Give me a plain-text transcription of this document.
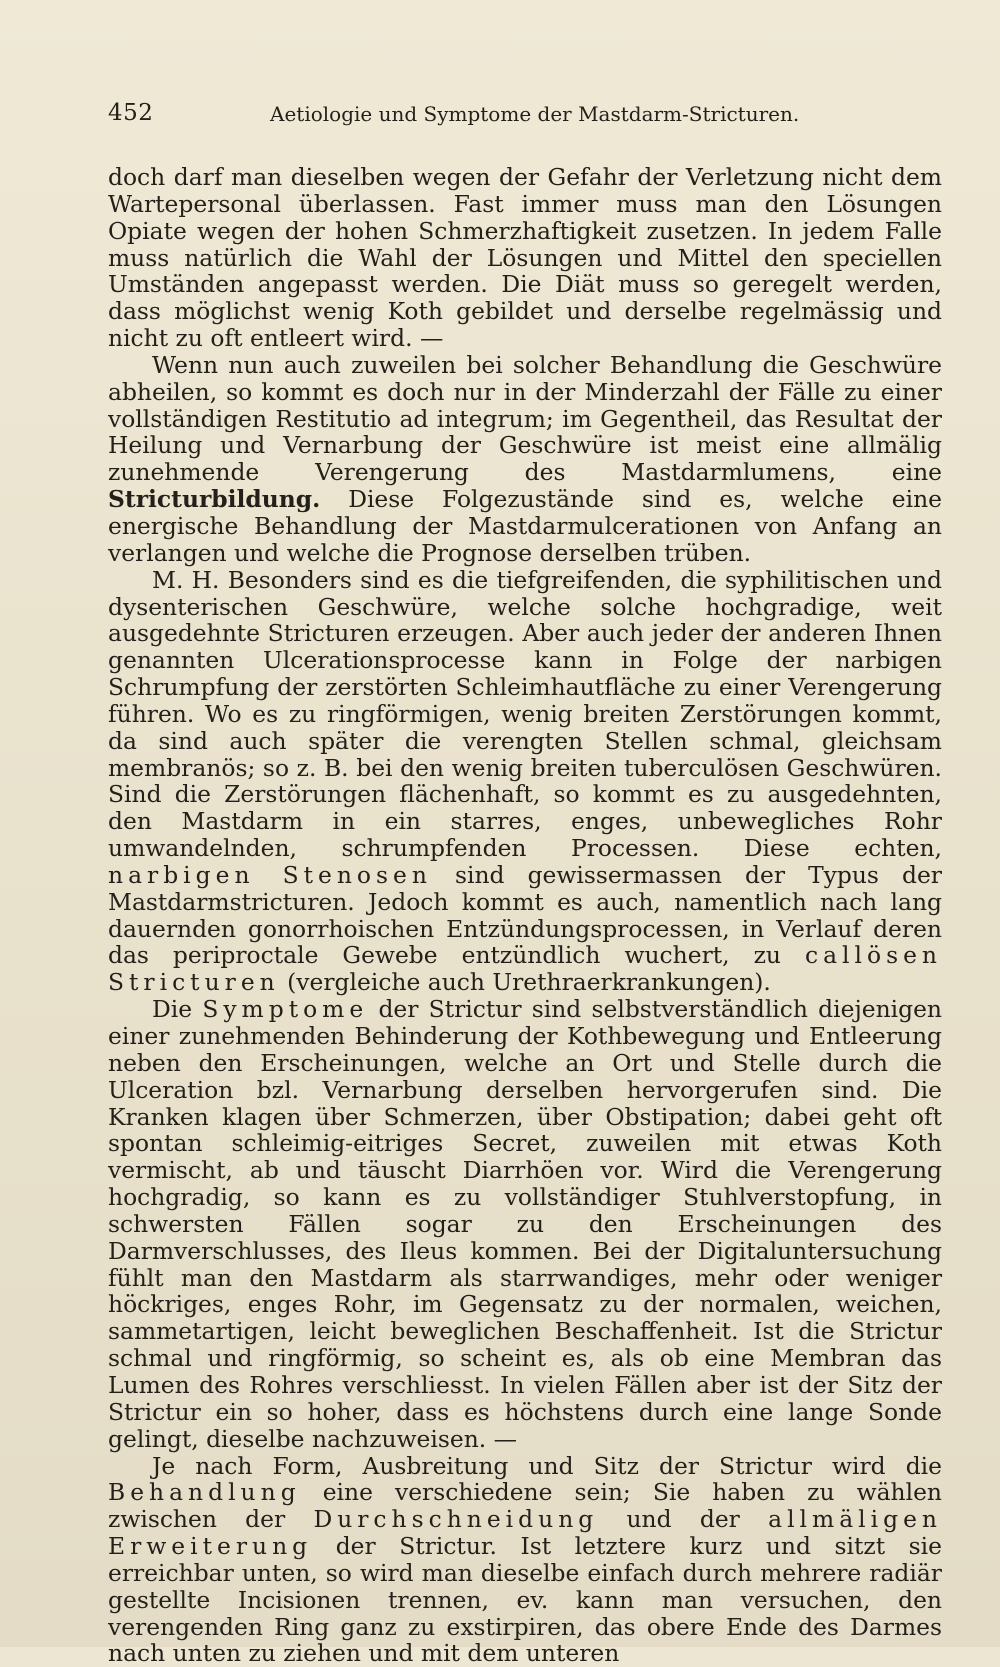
452	Aetiologie und Symptome der Mastdarm-Stricturen.

doch darf man dieselben wegen der Gefahr der Verletzung nicht dem Wartepersonal überlassen. Fast immer muss man den Lösungen Opiate wegen der hohen Schmerzhaftigkeit zusetzen. In jedem Falle muss natürlich die Wahl der Lösungen und Mittel den speciellen Umständen angepasst werden. Die Diät muss so geregelt werden, dass möglichst wenig Koth gebildet und derselbe regelmässig und nicht zu oft entleert wird. —

Wenn nun auch zuweilen bei solcher Behandlung die Geschwüre abheilen, so kommt es doch nur in der Minderzahl der Fälle zu einer vollständigen Restitutio ad integrum; im Gegentheil, das Resultat der Heilung und Vernarbung der Geschwüre ist meist eine allmälig zunehmende Verengerung des Mastdarmlumens, eine Stricturbildung. Diese Folgezustände sind es, welche eine energische Behandlung der Mastdarmulcerationen von Anfang an verlangen und welche die Prognose derselben trüben.

M. H. Besonders sind es die tiefgreifenden, die syphilitischen und dysenterischen Geschwüre, welche solche hochgradige, weit ausgedehnte Stricturen erzeugen. Aber auch jeder der anderen Ihnen genannten Ulcerationsprocesse kann in Folge der narbigen Schrumpfung der zerstörten Schleimhautfläche zu einer Verengerung führen. Wo es zu ringförmigen, wenig breiten Zerstörungen kommt, da sind auch später die verengten Stellen schmal, gleichsam membranös; so z. B. bei den wenig breiten tuberculösen Geschwüren. Sind die Zerstörungen flächenhaft, so kommt es zu ausgedehnten, den Mastdarm in ein starres, enges, unbewegliches Rohr umwandelnden, schrumpfenden Processen. Diese echten, narbigen Stenosen sind gewissermassen der Typus der Mastdarmstricturen. Jedoch kommt es auch, namentlich nach lang dauernden gonorrhoischen Entzündungsprocessen, in Verlauf deren das periproctale Gewebe entzündlich wuchert, zu callösen Stricturen (vergleiche auch Urethraerkrankungen).

Die Symptome der Strictur sind selbstverständlich diejenigen einer zunehmenden Behinderung der Kothbewegung und Entleerung neben den Erscheinungen, welche an Ort und Stelle durch die Ulceration bzl. Vernarbung derselben hervorgerufen sind. Die Kranken klagen über Schmerzen, über Obstipation; dabei geht oft spontan schleimig-eitriges Secret, zuweilen mit etwas Koth vermischt, ab und täuscht Diarrhöen vor. Wird die Verengerung hochgradig, so kann es zu vollständiger Stuhlverstopfung, in schwersten Fällen sogar zu den Erscheinungen des Darmverschlusses, des Ileus kommen. Bei der Digitaluntersuchung fühlt man den Mastdarm als starrwandiges, mehr oder weniger höckriges, enges Rohr, im Gegensatz zu der normalen, weichen, sammetartigen, leicht beweglichen Beschaffenheit. Ist die Strictur schmal und ringförmig, so scheint es, als ob eine Membran das Lumen des Rohres verschliesst. In vielen Fällen aber ist der Sitz der Strictur ein so hoher, dass es höchstens durch eine lange Sonde gelingt, dieselbe nachzuweisen. —

Je nach Form, Ausbreitung und Sitz der Strictur wird die Behandlung eine verschiedene sein; Sie haben zu wählen zwischen der Durchschneidung und der allmäligen Erweiterung der Strictur. Ist letztere kurz und sitzt sie erreichbar unten, so wird man dieselbe einfach durch mehrere radiär gestellte Incisionen trennen, ev. kann man versuchen, den verengenden Ring ganz zu exstirpiren, das obere Ende des Darmes nach unten zu ziehen und mit dem unteren
